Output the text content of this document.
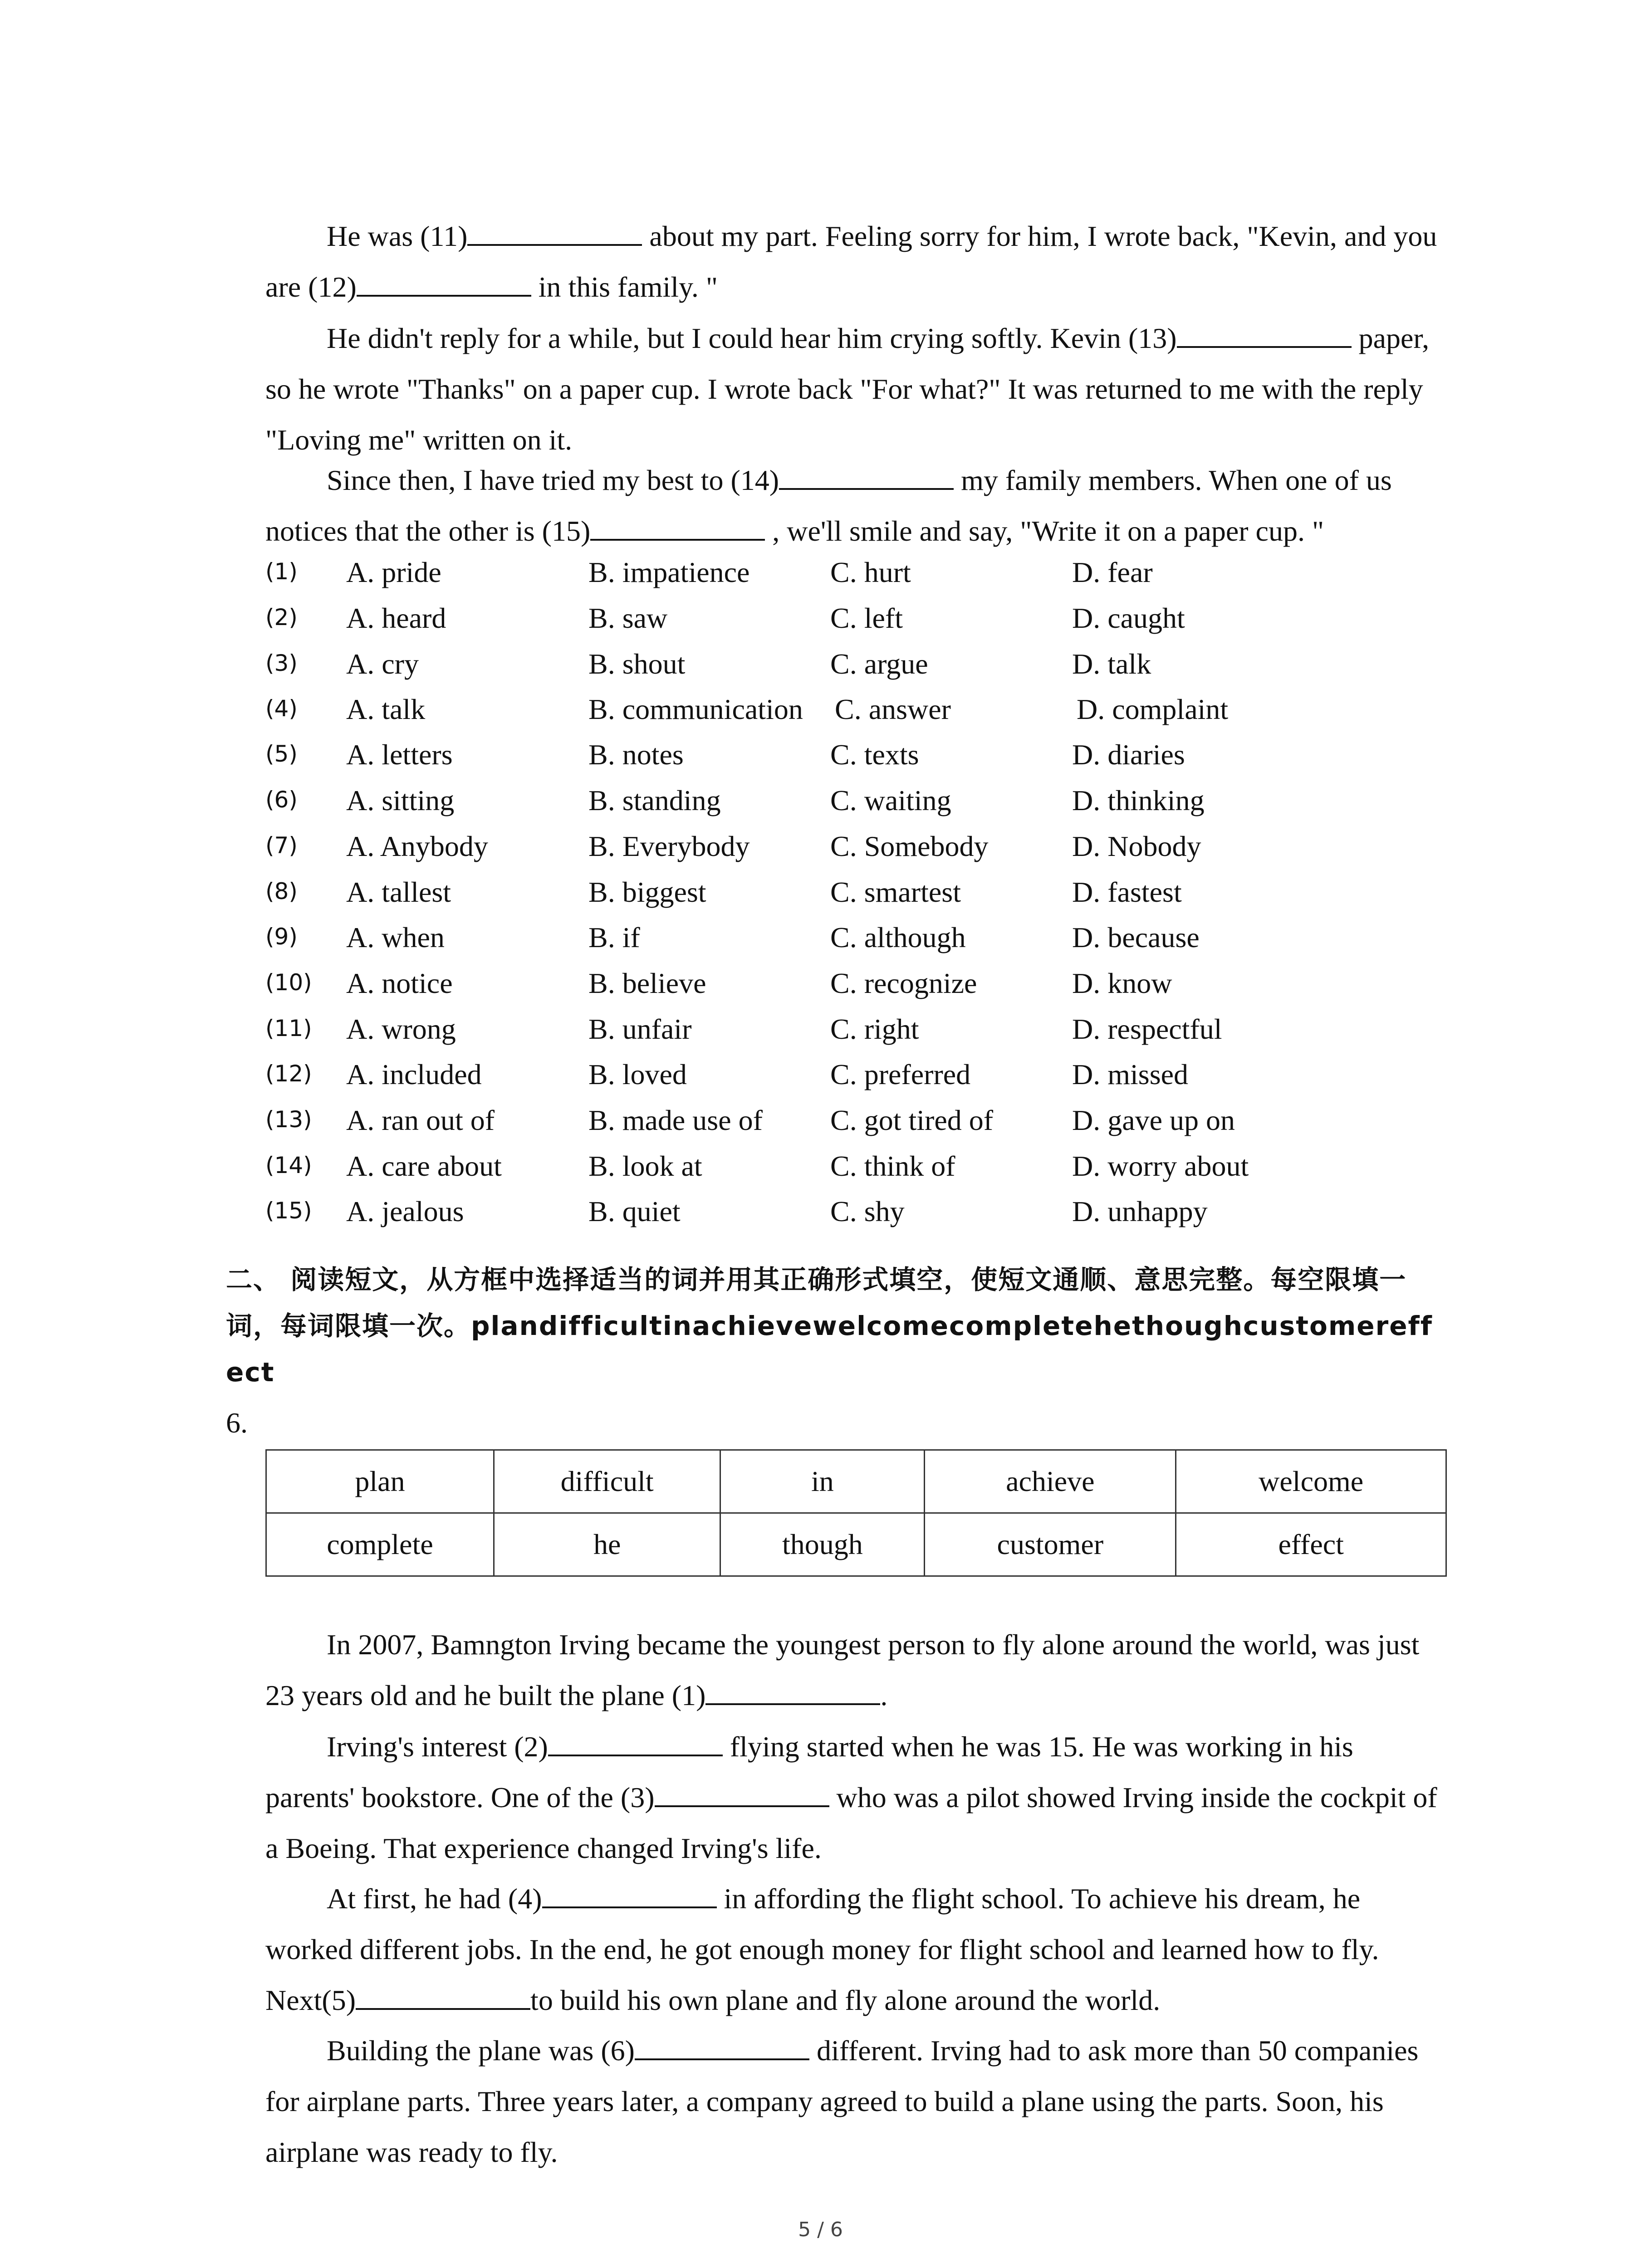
He was (11)	about my part. Feeling sorry for him, I wrote back, "Kevin, and you are (12)	in this family. "
He didn't reply for a while, but I could hear him crying softly. Kevin (13)	paper, so he wrote "Thanks" on a paper cup. I wrote back "For what?" It was returned to me with the reply "Loving me" written on it.
Since then, I have tried my best to (14)	my family members. When one of us notices that the other is (15)	, we'll smile and say, "Write it on a paper cup. "
(1) A. pride	B. impatience	C. hurt	D. fear
(2) A. heard	B. saw	C. left	D. caught
(3) A. cry	B. shout	C. argue	D. talk
(4) A. talk	B. communication C. answer	D. complaint
(5) A. letters	B. notes	C. texts	D. diaries
(6) A. sitting	B. standing	C. waiting	D. thinking
(7) A. Anybody	B. Everybody	C. Somebody	D. Nobody
(8) A. tallest	B. biggest	C. smartest	D. fastest
(9) A. when	B. if	C. although	D. because
(10) A. notice	B. believe	C. recognize	D. know
(11) A. wrong	B. unfair	C. right	D. respectful
(12) A. included	B. loved	C. preferred	D. missed
(13) A. ran out of	B. made use of C. got tired of	D. gave up on
(14) A. care about	B. look at	C. think of	D. worry about
(15) A. jealous	B. quiet	C. shy	D. unhappy
二、 阅读短文，从方框中选择适当的词并用其正确形式填空，使短文通顺、意思完整。每空限填一词，每词限填一次。plandifficultinachievewelcomecompletehethoughcustomereffect
6.
plan	difficult	in	achieve	welcome
complete	he	though	customer	effect
In 2007, Bamngton Irving became the youngest person to fly alone around the world, was just 23 years old and he built the plane (1)	.
Irving's interest (2)	flying started when he was 15. He was working in his parents' bookstore. One of the (3)	who was a pilot showed Irving inside the cockpit of a Boeing. That experience changed Irving's life.
At first, he had (4)	in affording the flight school. To achieve his dream, he worked different jobs. In the end, he got enough money for flight school and learned how to fly. Next(5)	to build his own plane and fly alone around the world.
Building the plane was (6)	different. Irving had to ask more than 50 companies for airplane parts. Three years later, a company agreed to build a plane using the parts. Soon, his airplane was ready to fly.
5 / 6
